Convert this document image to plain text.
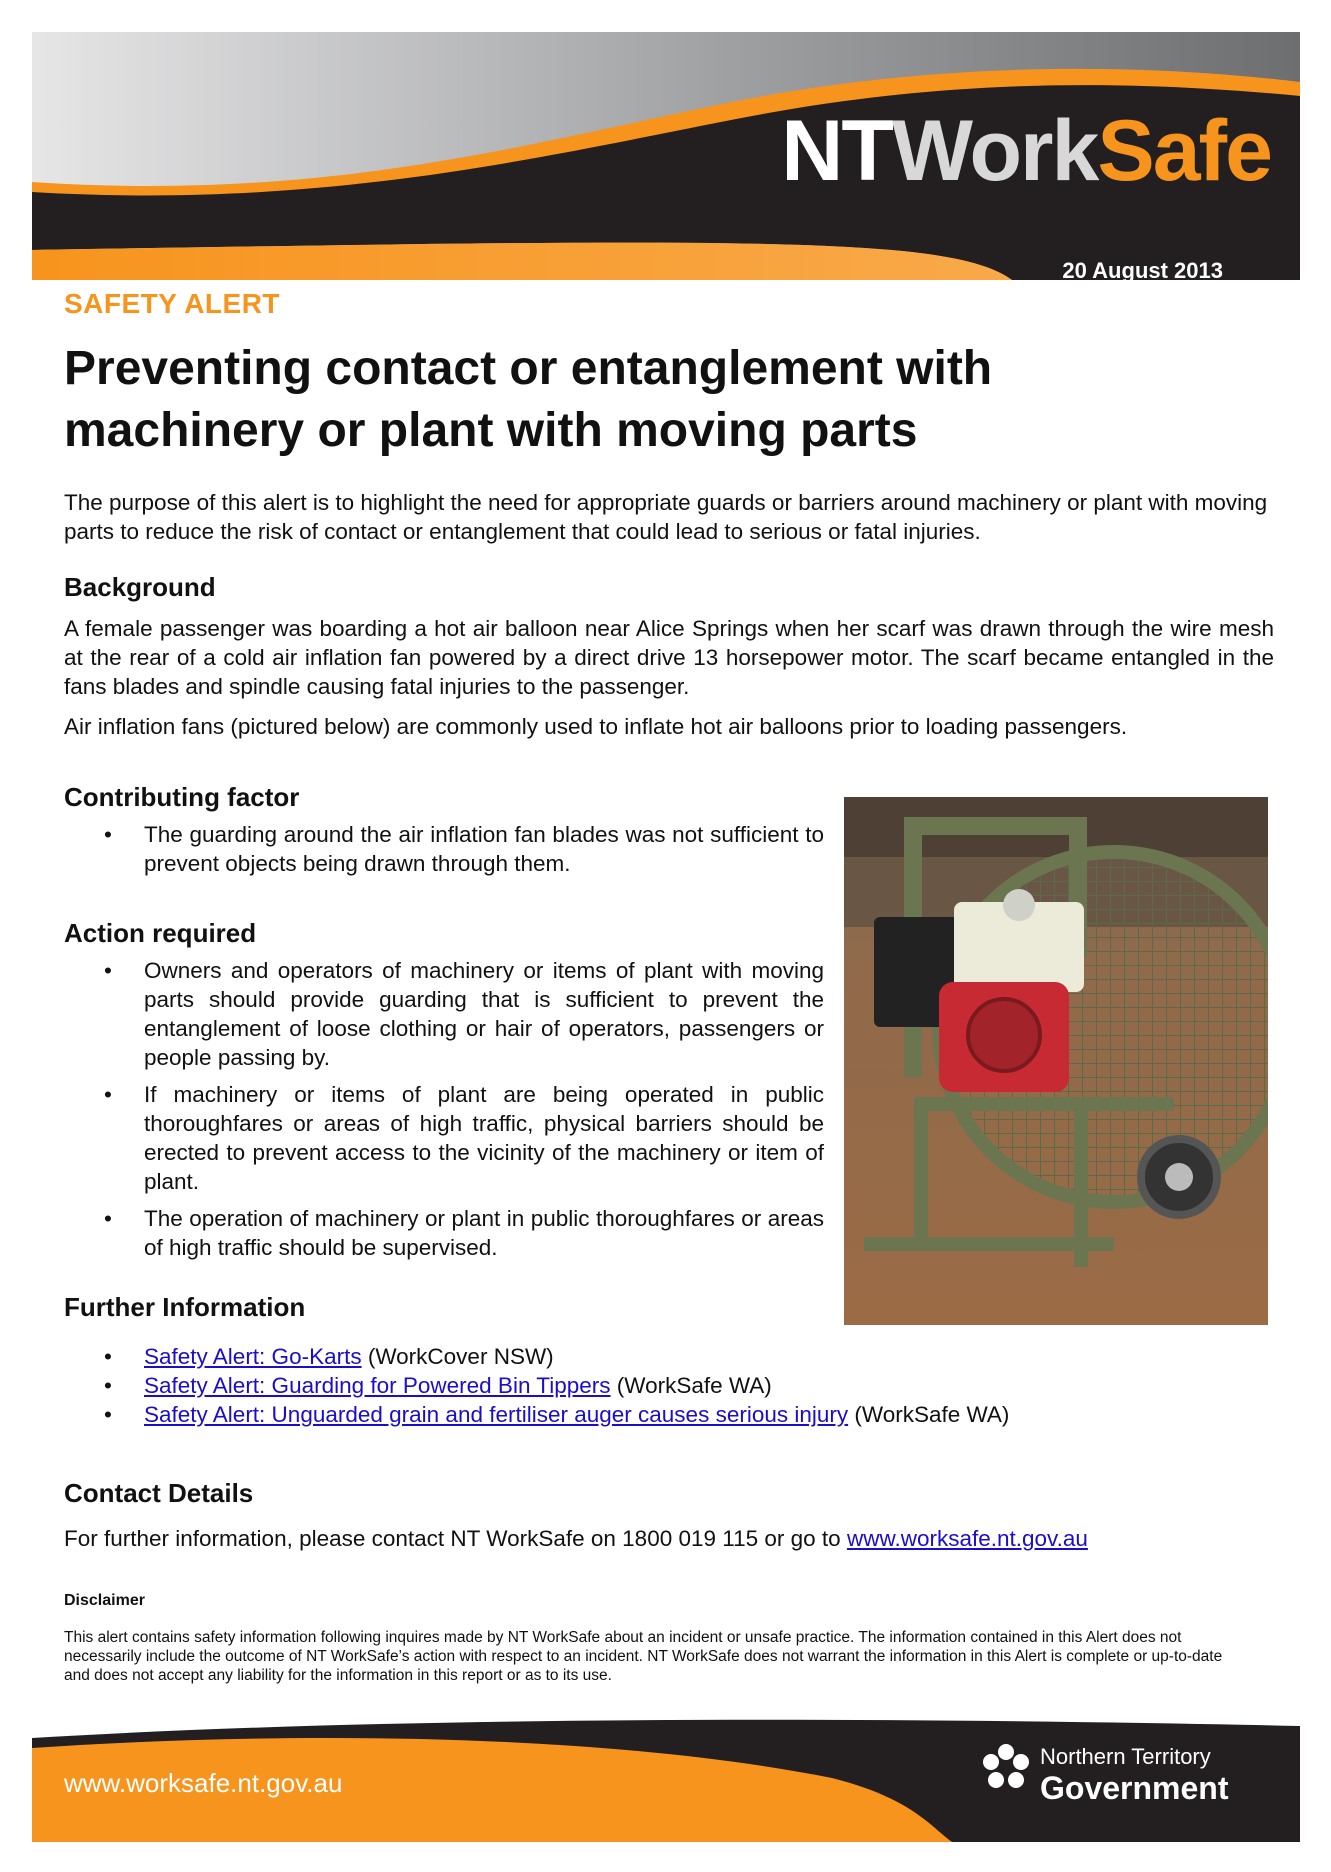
NTWorkSafe
20 August 2013
SAFETY ALERT
Preventing contact or entanglement with machinery or plant with moving parts

The purpose of this alert is to highlight the need for appropriate guards or barriers around machinery or plant with moving parts to reduce the risk of contact or entanglement that could lead to serious or fatal injuries.

Background

A female passenger was boarding a hot air balloon near Alice Springs when her scarf was drawn through the wire mesh at the rear of a cold air inflation fan powered by a direct drive 13 horsepower motor. The scarf became entangled in the fans blades and spindle causing fatal injuries to the passenger.

Air inflation fans (pictured below) are commonly used to inflate hot air balloons prior to loading passengers.

Contributing factor
• The guarding around the air inflation fan blades was not sufficient to prevent objects being drawn through them.
Action required
• Owners and operators of machinery or items of plant with moving parts should provide guarding that is sufficient to prevent the entanglement of loose clothing or hair of operators, passengers or people passing by.
• If machinery or items of plant are being operated in public thoroughfares or areas of high traffic, physical barriers should be erected to prevent access to the vicinity of the machinery or item of plant.
• The operation of machinery or plant in public thoroughfares or areas of high traffic should be supervised.
Further Information
• Safety Alert: Go-Karts (WorkCover NSW)
• Safety Alert: Guarding for Powered Bin Tippers (WorkSafe WA)
• Safety Alert: Unguarded grain and fertiliser auger causes serious injury (WorkSafe WA)
Contact Details

For further information, please contact NT WorkSafe on 1800 019 115 or go to www.worksafe.nt.gov.au

Disclaimer

This alert contains safety information following inquires made by NT WorkSafe about an incident or unsafe practice. The information contained in this Alert does not necessarily include the outcome of NT WorkSafe’s action with respect to an incident. NT WorkSafe does not warrant the information in this Alert is complete or up-to-date and does not accept any liability for the information in this report or as to its use.

www.worksafe.nt.gov.au
Northern Territory
Government
